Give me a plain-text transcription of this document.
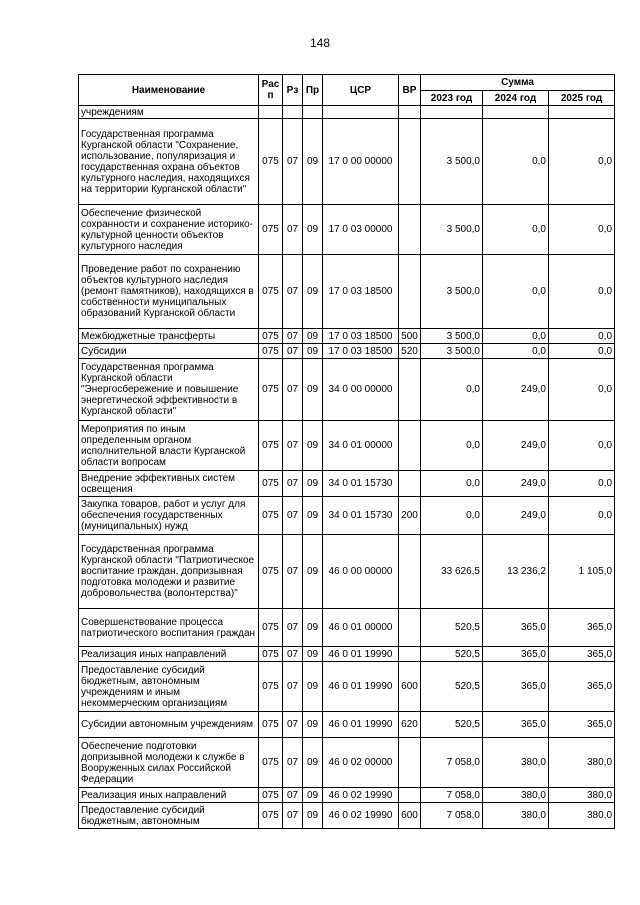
148
Наименование	Рас п	Рз	Пр	ЦСР	ВР	Сумма		
						2023 год	2024 год	2025 год
учреждениям								
Государственная программа Курганской области "Сохранение, использование, популяризация и государственная охрана объектов культурного наследия, находящихся на территории Курганской области"	075	07	09	17 0 00 00000		3 500,0	0,0	0,0
Обеспечение физической сохранности и сохранение историко-культурной ценности объектов культурного наследия	075	07	09	17 0 03 00000		3 500,0	0,0	0,0
Проведение работ по сохранению объектов культурного наследия (ремонт памятников), находящихся в собственности муниципальных образований Курганской области	075	07	09	17 0 03 18500		3 500,0	0,0	0,0
Межбюджетные трансферты	075	07	09	17 0 03 18500	500	3 500,0	0,0	0,0
Субсидии	075	07	09	17 0 03 18500	520	3 500,0	0,0	0,0
Государственная программа Курганской области "Энергосбережение и повышение энергетической эффективности в Курганской области"	075	07	09	34 0 00 00000		0,0	249,0	0,0
Мероприятия по иным определенным органом исполнительной власти Курганской области вопросам	075	07	09	34 0 01 00000		0,0	249,0	0,0
Внедрение эффективных систем освещения	075	07	09	34 0 01 15730		0,0	249,0	0,0
Закупка товаров, работ и услуг для обеспечения государственных (муниципальных) нужд	075	07	09	34 0 01 15730	200	0,0	249,0	0,0
Государственная программа Курганской области "Патриотическое воспитание граждан, допризывная подготовка молодежи и развитие добровольчества (волонтерства)"	075	07	09	46 0 00 00000		33 626,5	13 236,2	1 105,0
Совершенствование процесса патриотического воспитания граждан	075	07	09	46 0 01 00000		520,5	365,0	365,0
Реализация иных направлений	075	07	09	46 0 01 19990		520,5	365,0	365,0
Предоставление субсидий бюджетным, автономным учреждениям и иным некоммерческим организациям	075	07	09	46 0 01 19990	600	520,5	365,0	365,0
Субсидии автономным учреждениям	075	07	09	46 0 01 19990	620	520,5	365,0	365,0
Обеспечение подготовки допризывной молодежи к службе в Вооруженных силах Российской Федерации	075	07	09	46 0 02 00000		7 058,0	380,0	380,0
Реализация иных направлений	075	07	09	46 0 02 19990		7 058,0	380,0	380,0
Предоставление субсидий бюджетным, автономным	075	07	09	46 0 02 19990	600	7 058,0	380,0	380,0
